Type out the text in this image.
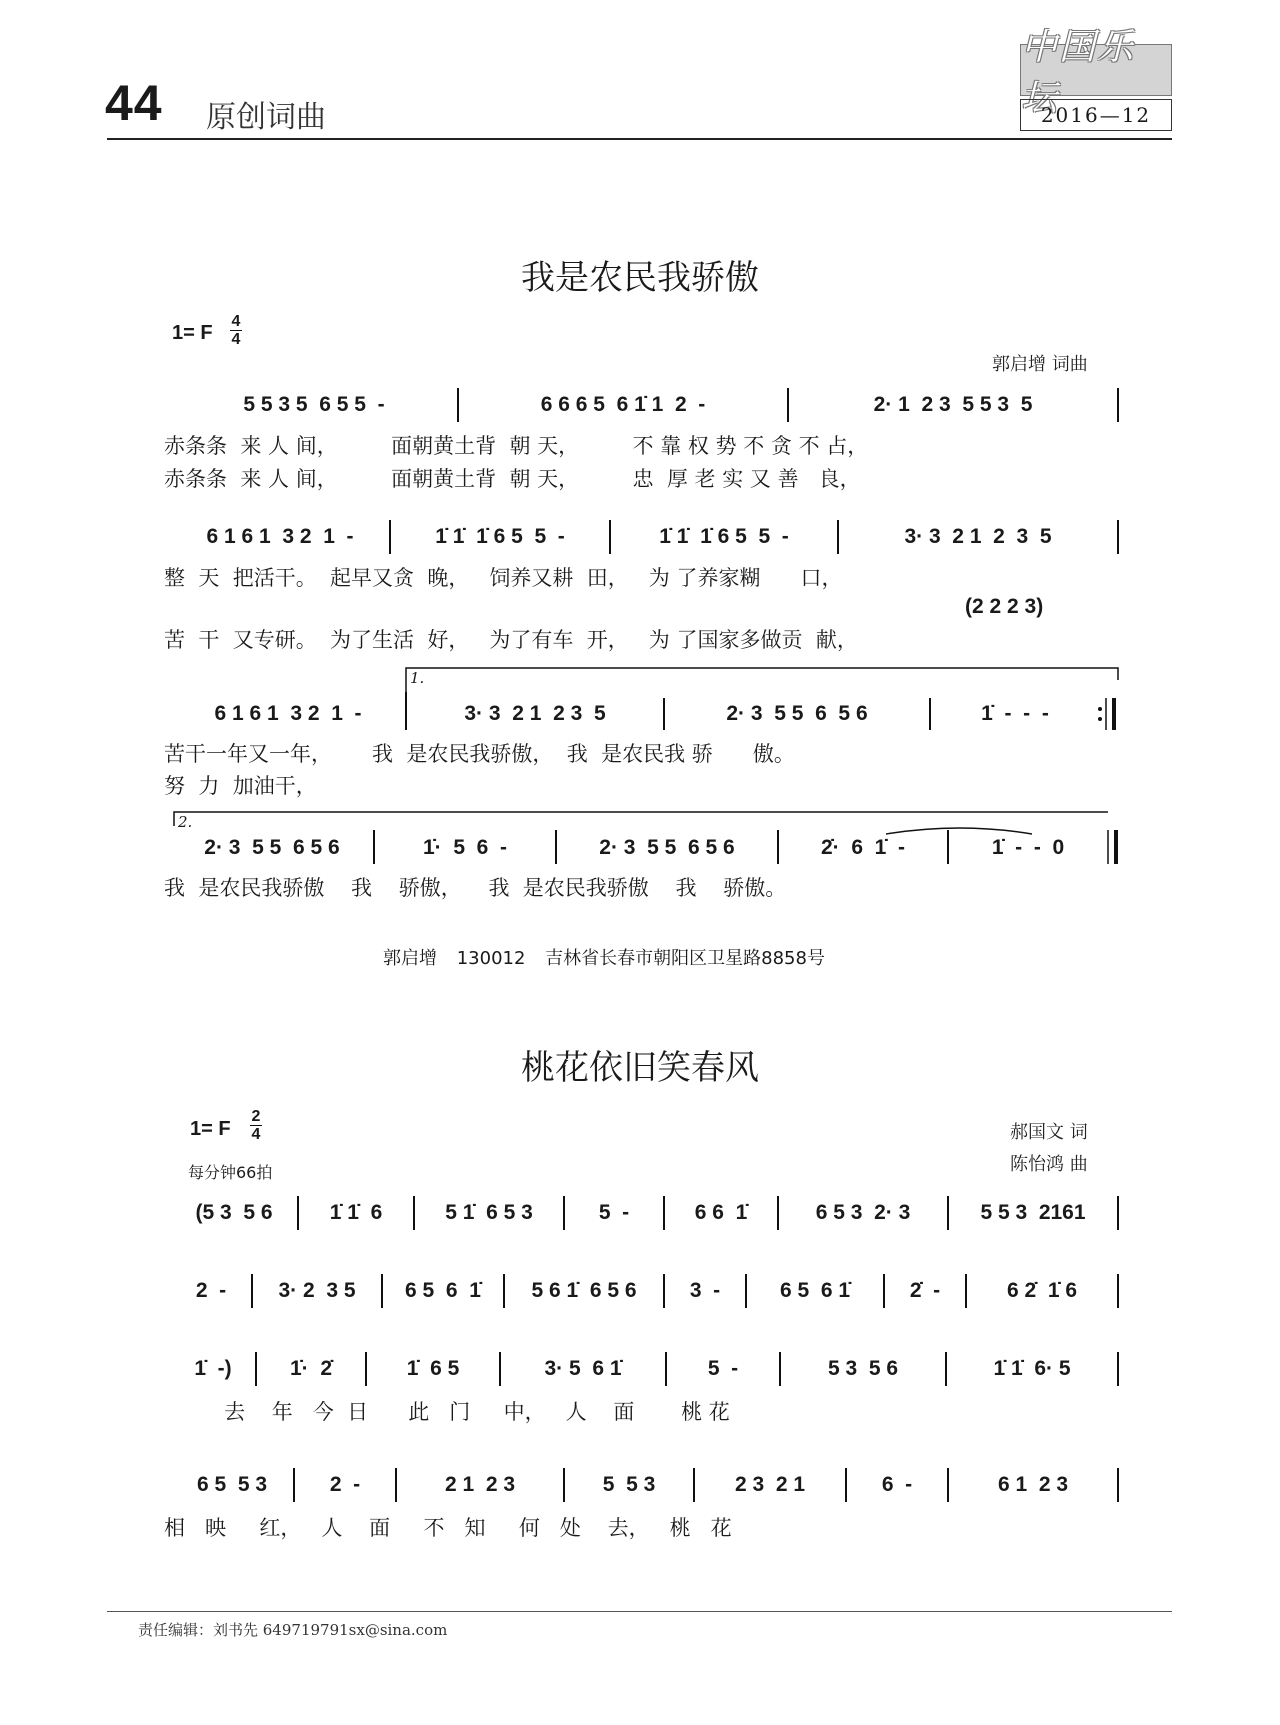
44 原创词曲
中国乐坛
2016—12
我是农民我骄傲
1= F
4
4
郭启增 词曲
5 5 3 5  6 5 5  -	6 6 6 5  6 1̇ 1  2  -	2· 1  2 3  5 5 3  5
赤条条  来 人 间，        面朝黄土背  朝 天，        不 靠 权 势 不 贪 不 占，
赤条条  来 人 间，        面朝黄土背  朝 天，        忠  厚 老 实 又 善   良，
6 1 6 1  3 2  1  -	1̇ 1̇  1̇ 6 5  5  -	1̇ 1̇  1̇ 6 5  5  -	3· 3  2 1  2  3  5
整  天  把活干。  起早又贪  晚，   饲养又耕  田，   为 了养家糊      口，
(2 2 2 3)
苦  干  又专研。  为了生活  好，   为了有车  开，   为 了国家多做贡  献，
1.
6 1 6 1  3 2  1  -	3· 3  2 1  2 3  5	2· 3  5 5  6  5 6	1̇  -  -  -
苦干一年又一年，      我  是农民我骄傲，  我  是农民我 骄      傲。
努  力  加油干，
2.
2· 3  5 5  6 5 6	1̇·  5  6  -	2· 3  5 5  6 5 6	2̇·  6  1̇  -	1̇  -  -  0
我  是农民我骄傲    我    骄傲，    我  是农民我骄傲    我    骄傲。
郭启增 130012 吉林省长春市朝阳区卫星路8858号
桃花依旧笑春风
1= F
2
4
每分钟66拍
郝国文 词
陈怡鸿 曲
(5 3  5 6	1̇ 1̇  6	5 1̇  6 5 3	5  -	6 6  1̇	6 5 3  2· 3	5 5 3  2161
2  -	3· 2  3 5	6 5  6  1̇	5 6 1̇  6 5 6	3  -	6 5  6 1̇	2̇  -	6 2̇  1̇ 6
1̇  -)	1̇·  2̇	1̇  6 5	3· 5  6 1̇	5  -	5 3  5 6	1̇ 1̇  6· 5
去    年   今  日      此   门     中，   人    面       桃 花
6 5  5 3	2  -	2 1  2 3	5  5 3	2 3  2 1	6  -	6 1  2 3
相   映     红，   人    面     不   知     何   处    去，   桃   花
责任编辑：刘书先 649719791sx@sina.com
